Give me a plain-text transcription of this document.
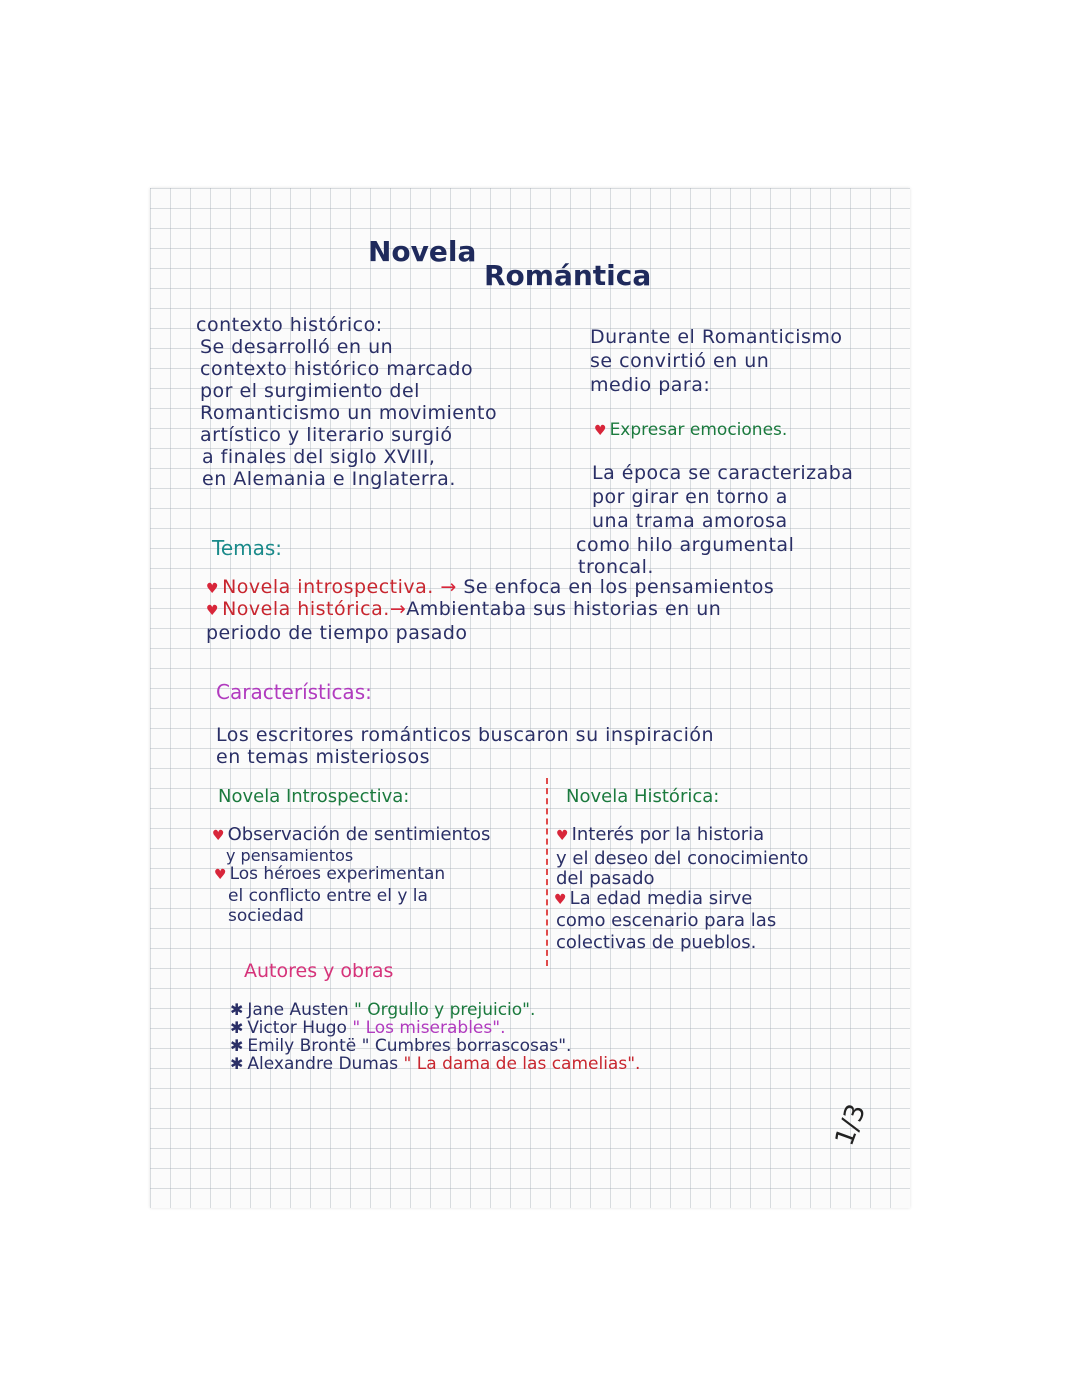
Novela
Romántica
contexto histórico:
Se desarrolló en un
contexto histórico marcado
por el surgimiento del
Romanticismo un movimiento
artístico y literario surgió
a finales del siglo XVIII,
en Alemania e Inglaterra.
Durante el Romanticismo
se convirtió en un
medio para:
♥ Expresar emociones.
La época se caracterizaba
por girar en torno a
una trama amorosa
como hilo argumental
troncal.
Temas:
♥ Novela introspectiva. → Se enfoca en los pensamientos
♥ Novela histórica.→Ambientaba sus historias en un
periodo de tiempo pasado
Características:
Los escritores románticos buscaron su inspiración
en temas misteriosos
Novela Introspectiva:
♥ Observación de sentimientos
y pensamientos
♥ Los héroes experimentan
el conflicto entre el y la
sociedad
Novela Histórica:
♥ Interés por la historia
y el deseo del conocimiento
del pasado
♥ La edad media sirve
como escenario para las
colectivas de pueblos.
Autores y obras
✱ Jane Austen " Orgullo y prejuicio".
✱ Victor Hugo " Los miserables".
✱ Emily Brontë " Cumbres borrascosas".
✱ Alexandre Dumas " La dama de las camelias".
1/3
